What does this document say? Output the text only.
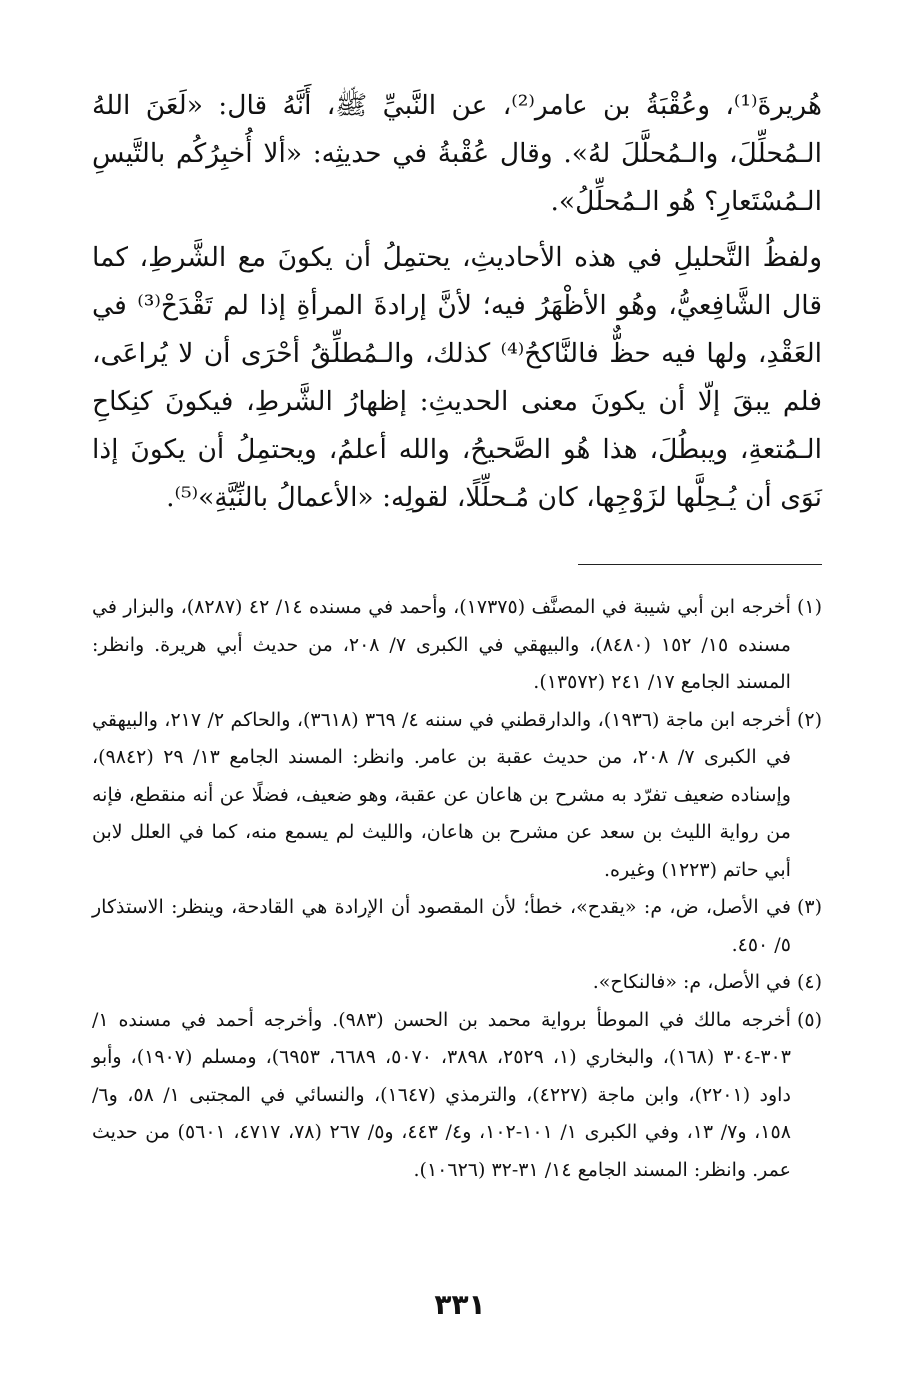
هُريرةَ⁽¹⁾، وعُقْبَةُ بن عامر⁽²⁾، عن النَّبيِّ ﷺ، أَنَّهُ قال: «لَعَنَ اللهُ الـمُحلِّلَ، والـمُحلَّلَ لهُ». وقال عُقْبةُ في حديثِه: «ألا أُخبِرُكُم بالتَّيسِ الـمُسْتَعارِ؟ هُو الـمُحلِّلُ».

ولفظُ التَّحليلِ في هذه الأحاديثِ، يحتمِلُ أن يكونَ مع الشَّرطِ، كما قال الشَّافِعيُّ، وهُو الأظْهَرُ فيه؛ لأنَّ إرادةَ المرأةِ إذا لم تَقْدَحْ⁽³⁾ في العَقْدِ، ولها فيه حظٌّ فالنَّاكحُ⁽⁴⁾ كذلك، والـمُطلِّقُ أحْرَى أن لا يُراعَى، فلم يبقَ إلّا أن يكونَ معنى الحديثِ: إظهارُ الشَّرطِ، فيكونَ كنِكاحِ الـمُتعةِ، ويبطُلَ، هذا هُو الصَّحيحُ، والله أعلمُ، ويحتمِلُ أن يكونَ إذا نَوَى أن يُـحِلَّها لزَوْجِها، كان مُـحلِّلًا، لقولِه: «الأعمالُ بالنِّيَّةِ»⁽⁵⁾.

(١)
أخرجه ابن أبي شيبة في المصنَّف (١٧٣٧٥)، وأحمد في مسنده ١٤/ ٤٢ (٨٢٨٧)، والبزار في مسنده ١٥/ ١٥٢ (٨٤٨٠)، والبيهقي في الكبرى ٧/ ٢٠٨، من حديث أبي هريرة. وانظر: المسند الجامع ١٧/ ٢٤١ (١٣٥٧٢).
(٢)
أخرجه ابن ماجة (١٩٣٦)، والدارقطني في سننه ٤/ ٣٦٩ (٣٦١٨)، والحاكم ٢/ ٢١٧، والبيهقي في الكبرى ٧/ ٢٠٨، من حديث عقبة بن عامر. وانظر: المسند الجامع ١٣/ ٢٩ (٩٨٤٢)، وإسناده ضعيف تفرّد به مشرح بن هاعان عن عقبة، وهو ضعيف، فضلًا عن أنه منقطع، فإنه من رواية الليث بن سعد عن مشرح بن هاعان، والليث لم يسمع منه، كما في العلل لابن أبي حاتم (١٢٢٣) وغيره.
(٣)
في الأصل، ض، م: «يقدح»، خطأ؛ لأن المقصود أن الإرادة هي القادحة، وينظر: الاستذكار ٥/ ٤٥٠.
(٤)
في الأصل، م: «فالنكاح».
(٥)
أخرجه مالك في الموطأ برواية محمد بن الحسن (٩٨٣). وأخرجه أحمد في مسنده ١/ ٣٠٣-٣٠٤ (١٦٨)، والبخاري (١، ٢٥٢٩، ٣٨٩٨، ٥٠٧٠، ٦٦٨٩، ٦٩٥٣)، ومسلم (١٩٠٧)، وأبو داود (٢٢٠١)، وابن ماجة (٤٢٢٧)، والترمذي (١٦٤٧)، والنسائي في المجتبى ١/ ٥٨، و٦/ ١٥٨، و٧/ ١٣، وفي الكبرى ١/ ١٠١-١٠٢، و٤/ ٤٤٣، و٥/ ٢٦٧ (٧٨، ٤٧١٧، ٥٦٠١) من حديث عمر. وانظر: المسند الجامع ١٤/ ٣١-٣٢ (١٠٦٢٦).
٣٣١
